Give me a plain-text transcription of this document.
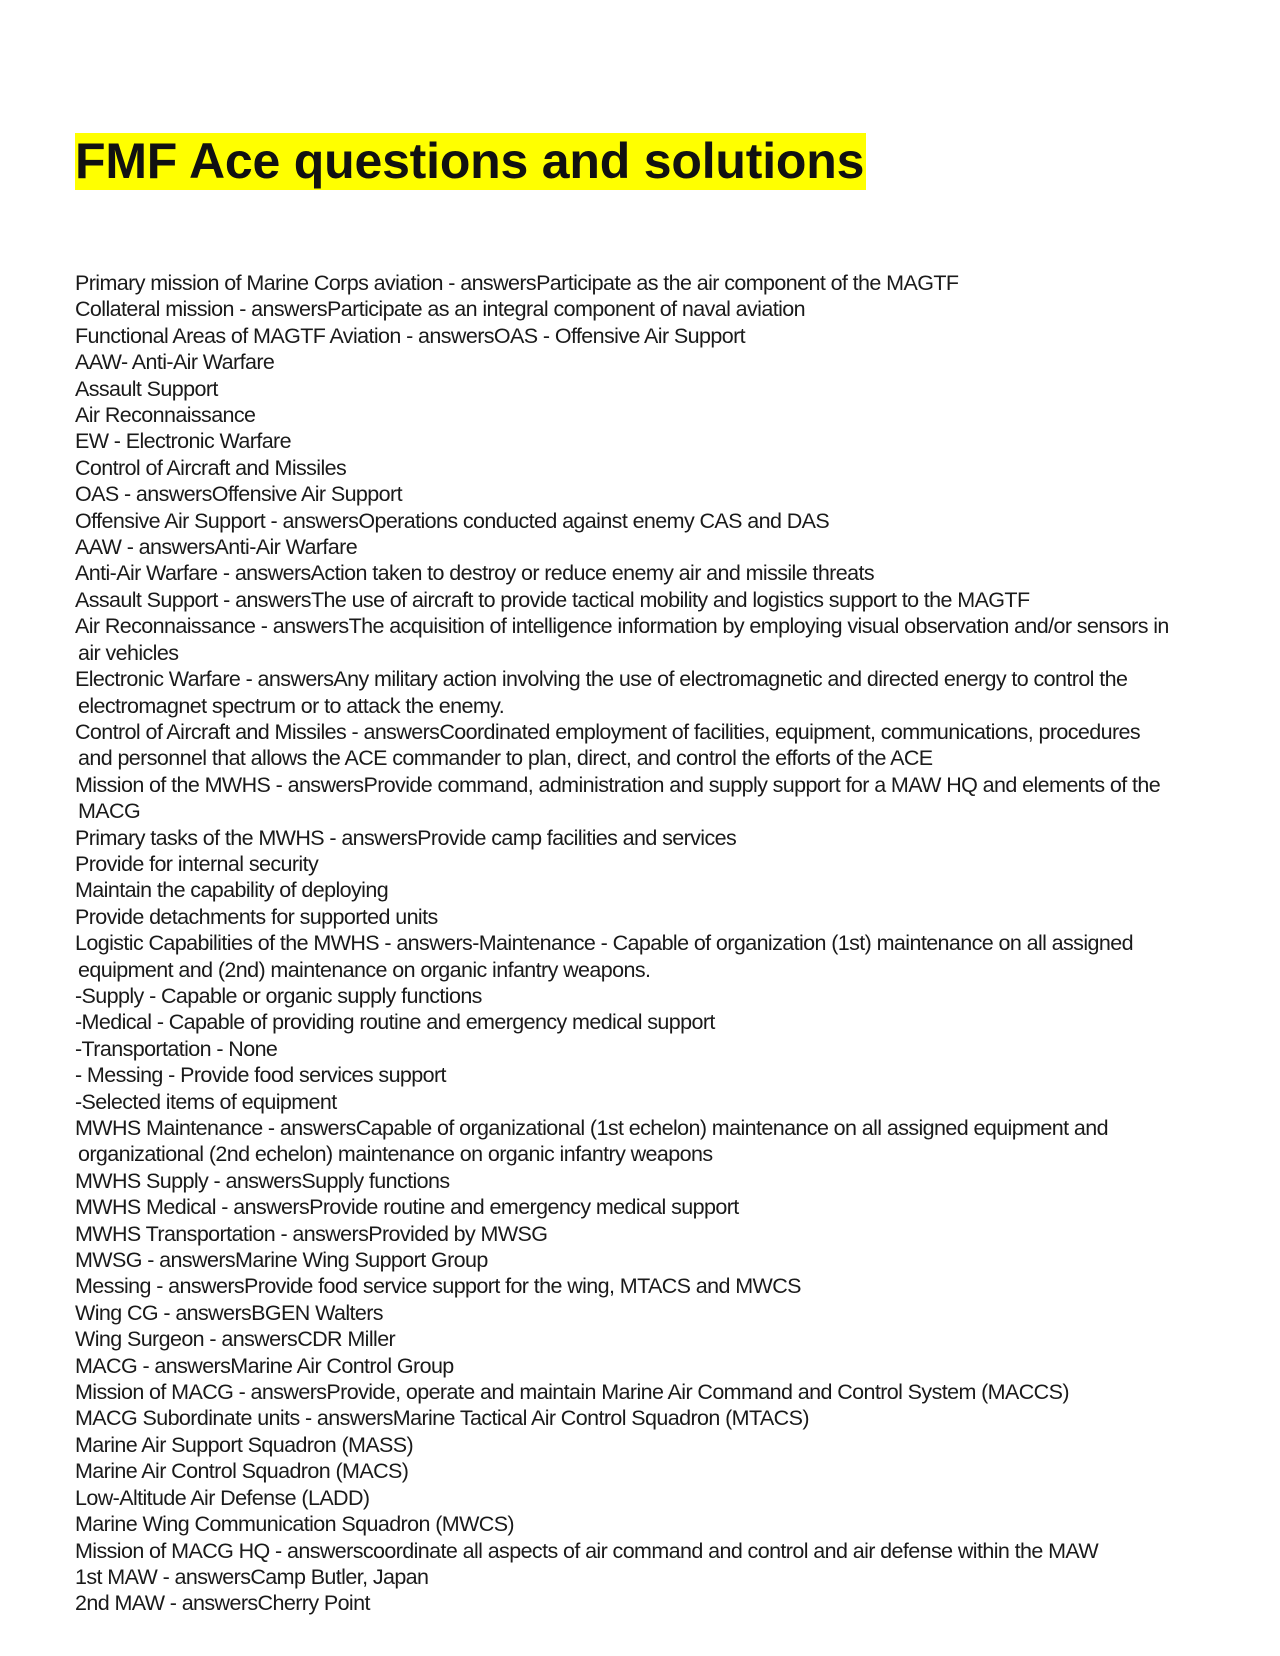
FMF Ace questions and solutions

Primary mission of Marine Corps aviation - answersParticipate as the air component of the MAGTF

Collateral mission - answersParticipate as an integral component of naval aviation

Functional Areas of MAGTF Aviation - answersOAS - Offensive Air Support

AAW- Anti-Air Warfare

Assault Support

Air Reconnaissance

EW - Electronic Warfare

Control of Aircraft and Missiles

OAS - answersOffensive Air Support

Offensive Air Support - answersOperations conducted against enemy CAS and DAS

AAW - answersAnti-Air Warfare

Anti-Air Warfare - answersAction taken to destroy or reduce enemy air and missile threats

Assault Support - answersThe use of aircraft to provide tactical mobility and logistics support to the MAGTF

Air Reconnaissance - answersThe acquisition of intelligence information by employing visual observation and/or sensors in

air vehicles

Electronic Warfare - answersAny military action involving the use of electromagnetic and directed energy to control the

electromagnet spectrum or to attack the enemy.

Control of Aircraft and Missiles - answersCoordinated employment of facilities, equipment, communications, procedures

and personnel that allows the ACE commander to plan, direct, and control the efforts of the ACE

Mission of the MWHS - answersProvide command, administration and supply support for a MAW HQ and elements of the

MACG

Primary tasks of the MWHS - answersProvide camp facilities and services

Provide for internal security

Maintain the capability of deploying

Provide detachments for supported units

Logistic Capabilities of the MWHS - answers-Maintenance - Capable of organization (1st) maintenance on all assigned

equipment and (2nd) maintenance on organic infantry weapons.

-Supply - Capable or organic supply functions

-Medical - Capable of providing routine and emergency medical support

-Transportation - None

- Messing - Provide food services support

-Selected items of equipment

MWHS Maintenance - answersCapable of organizational (1st echelon) maintenance on all assigned equipment and

organizational (2nd echelon) maintenance on organic infantry weapons

MWHS Supply - answersSupply functions

MWHS Medical - answersProvide routine and emergency medical support

MWHS Transportation - answersProvided by MWSG

MWSG - answersMarine Wing Support Group

Messing - answersProvide food service support for the wing, MTACS and MWCS

Wing CG - answersBGEN Walters

Wing Surgeon - answersCDR Miller

MACG - answersMarine Air Control Group

Mission of MACG - answersProvide, operate and maintain Marine Air Command and Control System (MACCS)

MACG Subordinate units - answersMarine Tactical Air Control Squadron (MTACS)

Marine Air Support Squadron (MASS)

Marine Air Control Squadron (MACS)

Low-Altitude Air Defense (LADD)

Marine Wing Communication Squadron (MWCS)

Mission of MACG HQ - answerscoordinate all aspects of air command and control and air defense within the MAW

1st MAW - answersCamp Butler, Japan

2nd MAW - answersCherry Point
